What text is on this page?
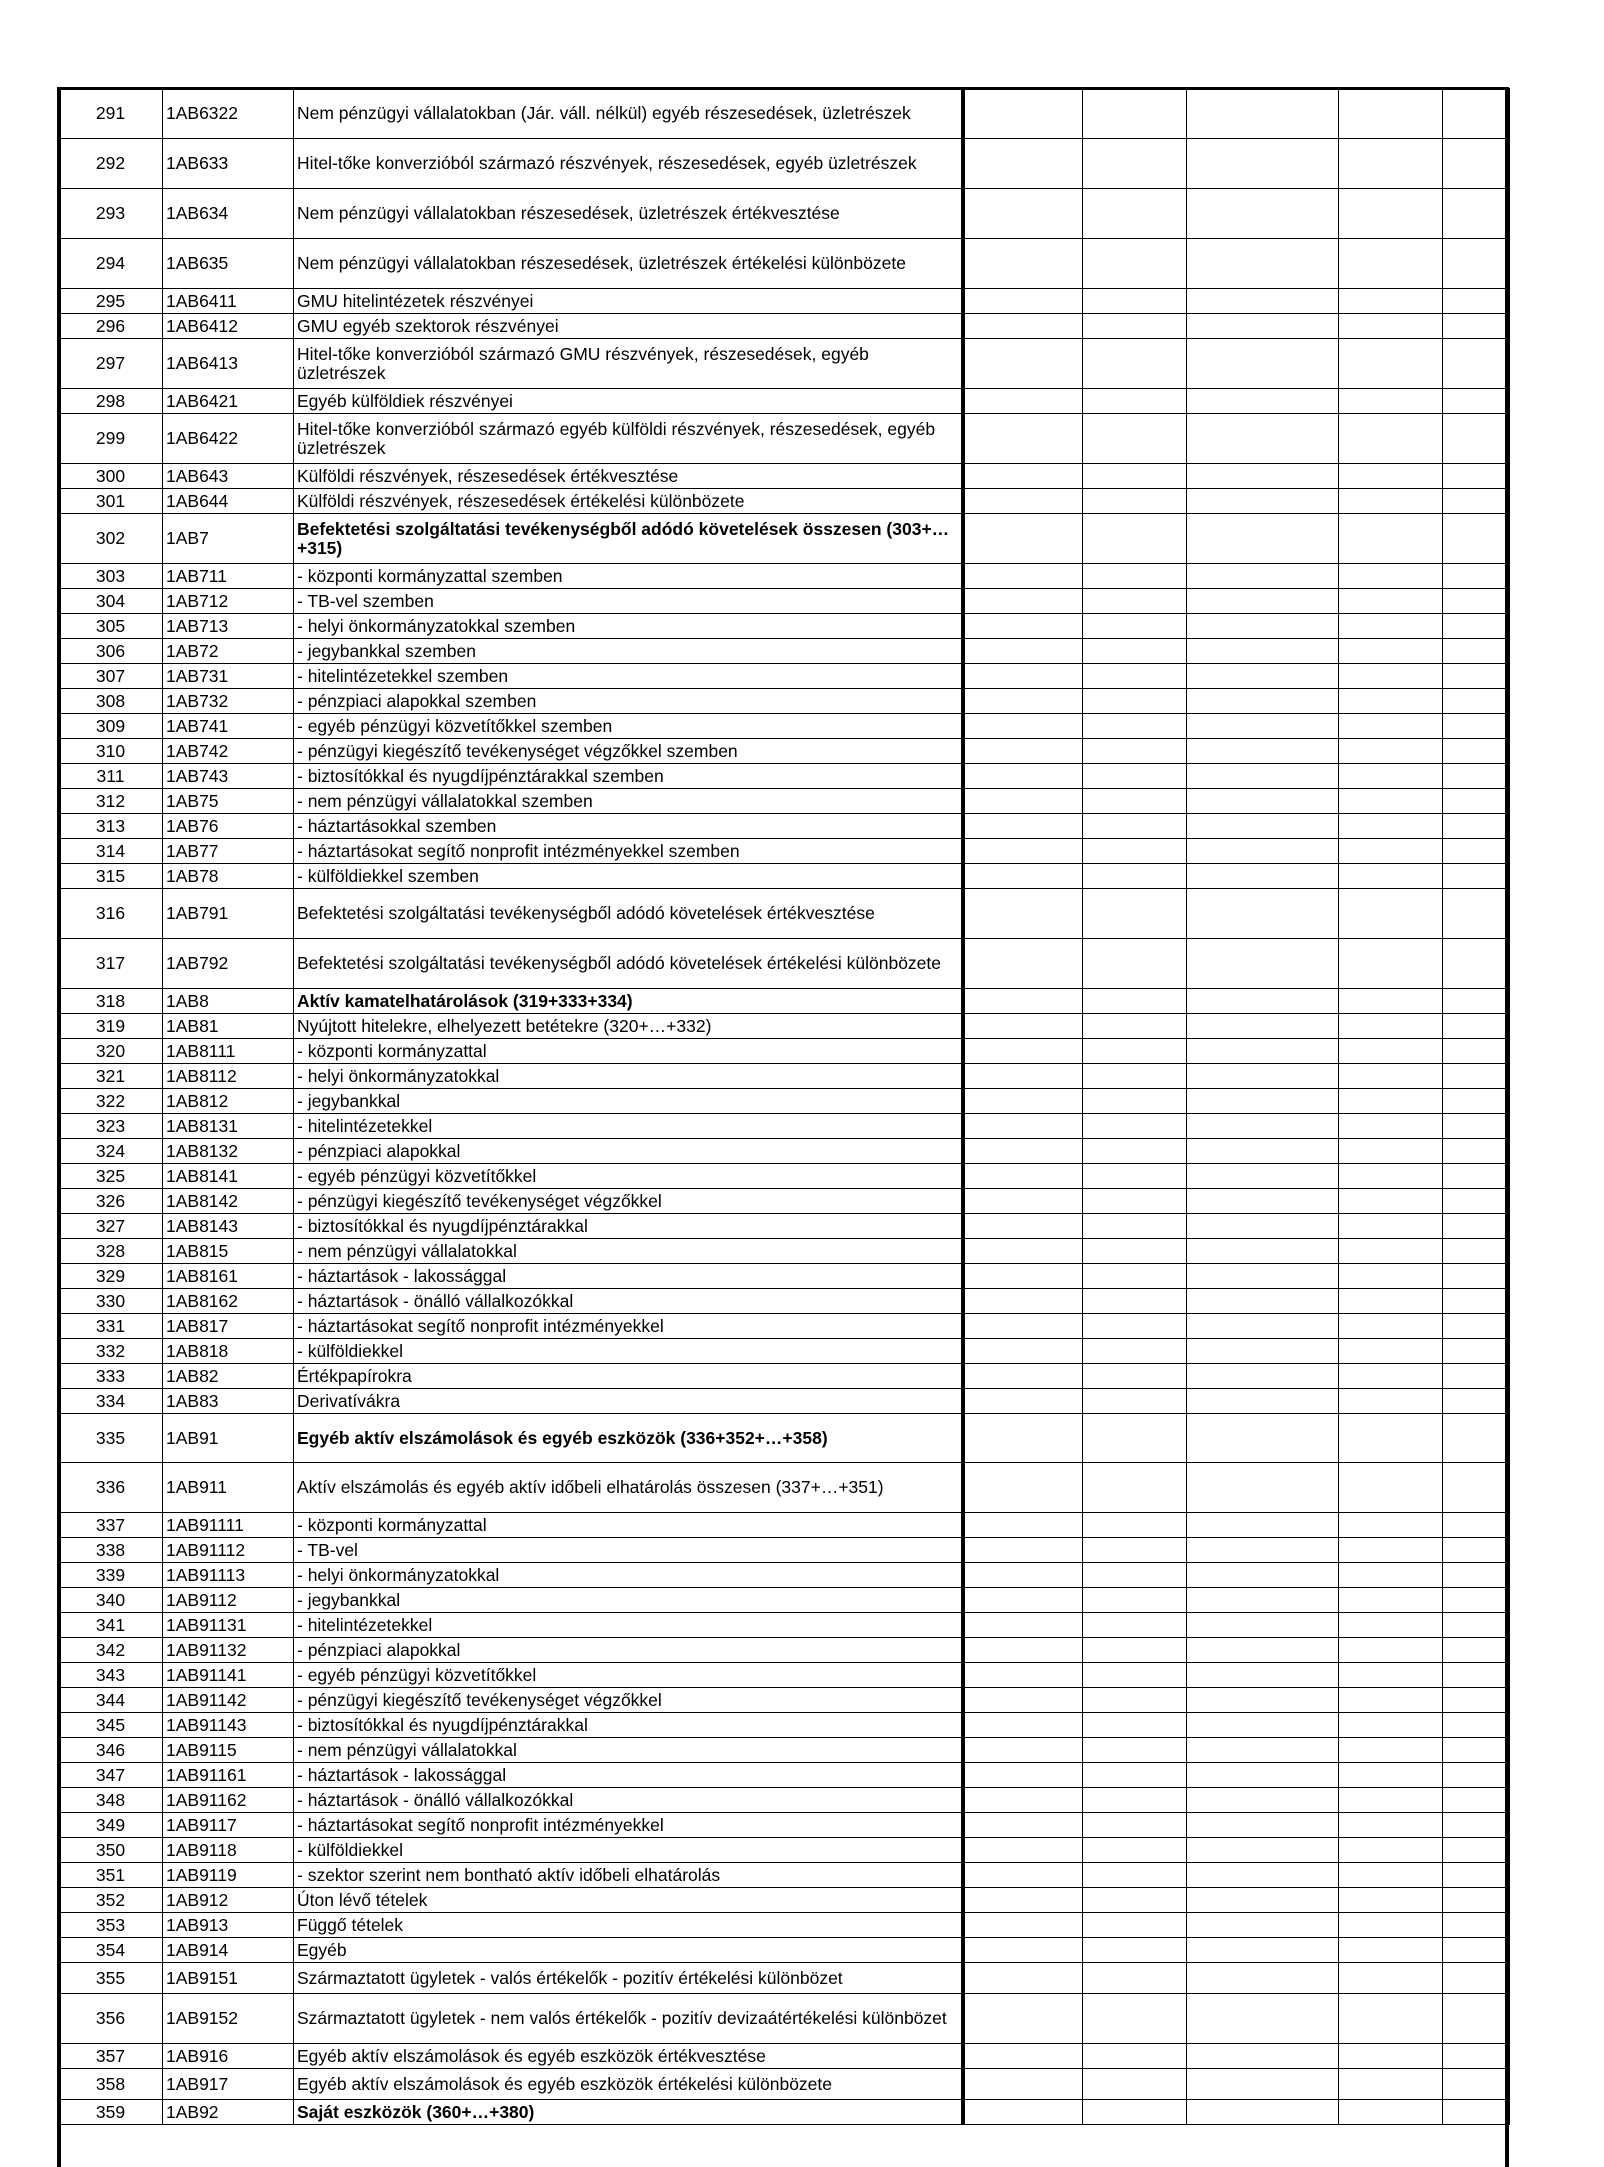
291	1AB6322	Nem pénzügyi vállalatokban (Jár. váll. nélkül) egyéb részesedések, üzletrészek					
292	1AB633	Hitel-tőke konverzióból származó részvények, részesedések, egyéb üzletrészek					
293	1AB634	Nem pénzügyi vállalatokban részesedések, üzletrészek értékvesztése					
294	1AB635	Nem pénzügyi vállalatokban részesedések, üzletrészek értékelési különbözete					
295	1AB6411	GMU hitelintézetek részvényei					
296	1AB6412	GMU egyéb szektorok részvényei					
297	1AB6413	Hitel-tőke konverzióból származó GMU részvények, részesedések, egyéb üzletrészek					
298	1AB6421	Egyéb külföldiek részvényei					
299	1AB6422	Hitel-tőke konverzióból származó egyéb külföldi részvények, részesedések, egyéb üzletrészek					
300	1AB643	Külföldi részvények, részesedések értékvesztése					
301	1AB644	Külföldi részvények, részesedések értékelési különbözete					
302	1AB7	Befektetési szolgáltatási tevékenységből adódó követelések összesen (303+…+315)					
303	1AB711	- központi kormányzattal szemben					
304	1AB712	- TB-vel szemben					
305	1AB713	- helyi önkormányzatokkal szemben					
306	1AB72	- jegybankkal szemben					
307	1AB731	- hitelintézetekkel szemben					
308	1AB732	- pénzpiaci alapokkal szemben					
309	1AB741	- egyéb pénzügyi közvetítőkkel szemben					
310	1AB742	- pénzügyi kiegészítő tevékenységet végzőkkel szemben					
311	1AB743	- biztosítókkal és nyugdíjpénztárakkal szemben					
312	1AB75	- nem pénzügyi vállalatokkal szemben					
313	1AB76	- háztartásokkal szemben					
314	1AB77	- háztartásokat segítő nonprofit intézményekkel szemben					
315	1AB78	- külföldiekkel szemben					
316	1AB791	Befektetési szolgáltatási tevékenységből adódó követelések értékvesztése					
317	1AB792	Befektetési szolgáltatási tevékenységből adódó követelések értékelési különbözete					
318	1AB8	Aktív kamatelhatárolások (319+333+334)					
319	1AB81	Nyújtott hitelekre, elhelyezett betétekre (320+…+332)					
320	1AB8111	- központi kormányzattal					
321	1AB8112	- helyi önkormányzatokkal					
322	1AB812	- jegybankkal					
323	1AB8131	- hitelintézetekkel					
324	1AB8132	- pénzpiaci alapokkal					
325	1AB8141	- egyéb pénzügyi közvetítőkkel					
326	1AB8142	- pénzügyi kiegészítő tevékenységet végzőkkel					
327	1AB8143	- biztosítókkal és nyugdíjpénztárakkal					
328	1AB815	- nem pénzügyi vállalatokkal					
329	1AB8161	- háztartások - lakossággal					
330	1AB8162	- háztartások - önálló vállalkozókkal					
331	1AB817	- háztartásokat segítő nonprofit intézményekkel					
332	1AB818	- külföldiekkel					
333	1AB82	Értékpapírokra					
334	1AB83	Derivatívákra					
335	1AB91	Egyéb aktív elszámolások és egyéb eszközök (336+352+…+358)					
336	1AB911	Aktív elszámolás és egyéb aktív időbeli elhatárolás összesen (337+…+351)					
337	1AB91111	- központi kormányzattal					
338	1AB91112	- TB-vel					
339	1AB91113	- helyi önkormányzatokkal					
340	1AB9112	- jegybankkal					
341	1AB91131	- hitelintézetekkel					
342	1AB91132	- pénzpiaci alapokkal					
343	1AB91141	- egyéb pénzügyi közvetítőkkel					
344	1AB91142	- pénzügyi kiegészítő tevékenységet végzőkkel					
345	1AB91143	- biztosítókkal és nyugdíjpénztárakkal					
346	1AB9115	- nem pénzügyi vállalatokkal					
347	1AB91161	- háztartások - lakossággal					
348	1AB91162	- háztartások - önálló vállalkozókkal					
349	1AB9117	- háztartásokat segítő nonprofit intézményekkel					
350	1AB9118	- külföldiekkel					
351	1AB9119	- szektor szerint nem bontható aktív időbeli elhatárolás					
352	1AB912	Úton lévő tételek					
353	1AB913	Függő tételek					
354	1AB914	Egyéb					
355	1AB9151	Származtatott ügyletek - valós értékelők - pozitív értékelési különbözet					
356	1AB9152	Származtatott ügyletek - nem valós értékelők - pozitív devizaátértékelési különbözet					
357	1AB916	Egyéb aktív elszámolások és egyéb eszközök értékvesztése					
358	1AB917	Egyéb aktív elszámolások és egyéb eszközök értékelési különbözete					
359	1AB92	Saját eszközök (360+…+380)					
